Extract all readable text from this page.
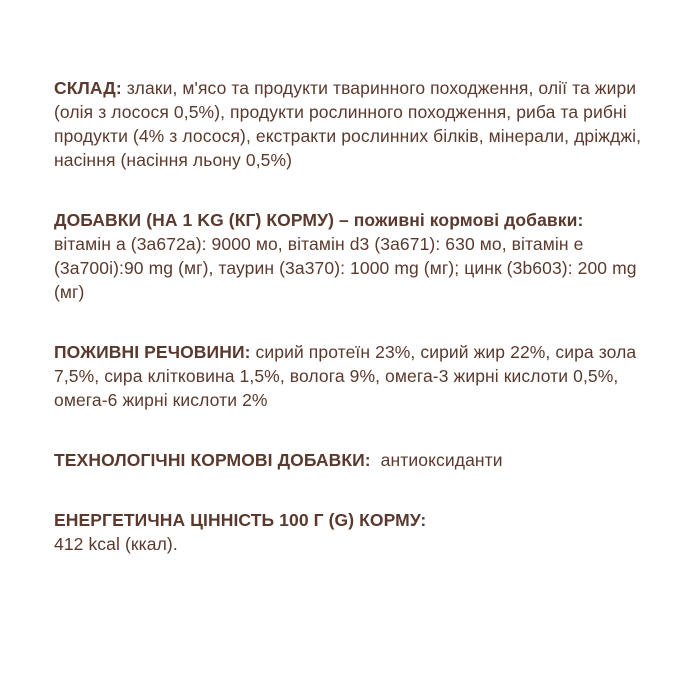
СКЛАД: злаки, м'ясо та продукти тваринного походження, олії та жири (олія з лосося 0,5%), продукти рослинного походження, риба та рибні продукти (4% з лосося), екстракти рослинних білків, мінерали, дріжджі, насіння (насіння льону 0,5%)

ДОБАВКИ (НА 1 KG (КГ) КОРМУ) – поживні кормові добавки: вітамін а (3а672а): 9000 мо, вітамін d3 (3а671): 630 мо, вітамін е (3а700і):90 mg (мг), таурин (3а370): 1000 mg (мг); цинк (3b603): 200 mg (мг)

ПОЖИВНІ РЕЧОВИНИ: сирий протеїн 23%, сирий жир 22%, сира зола 7,5%, сира клітковина 1,5%, волога 9%, омега-3 жирні кислоти 0,5%, омега-6 жирні кислоти 2%

ТЕХНОЛОГІЧНІ КОРМОВІ ДОБАВКИ:  антиоксиданти

ЕНЕРГЕТИЧНА ЦІННІСТЬ 100 Г (G) КОРМУ:
412 kcal (ккал).
